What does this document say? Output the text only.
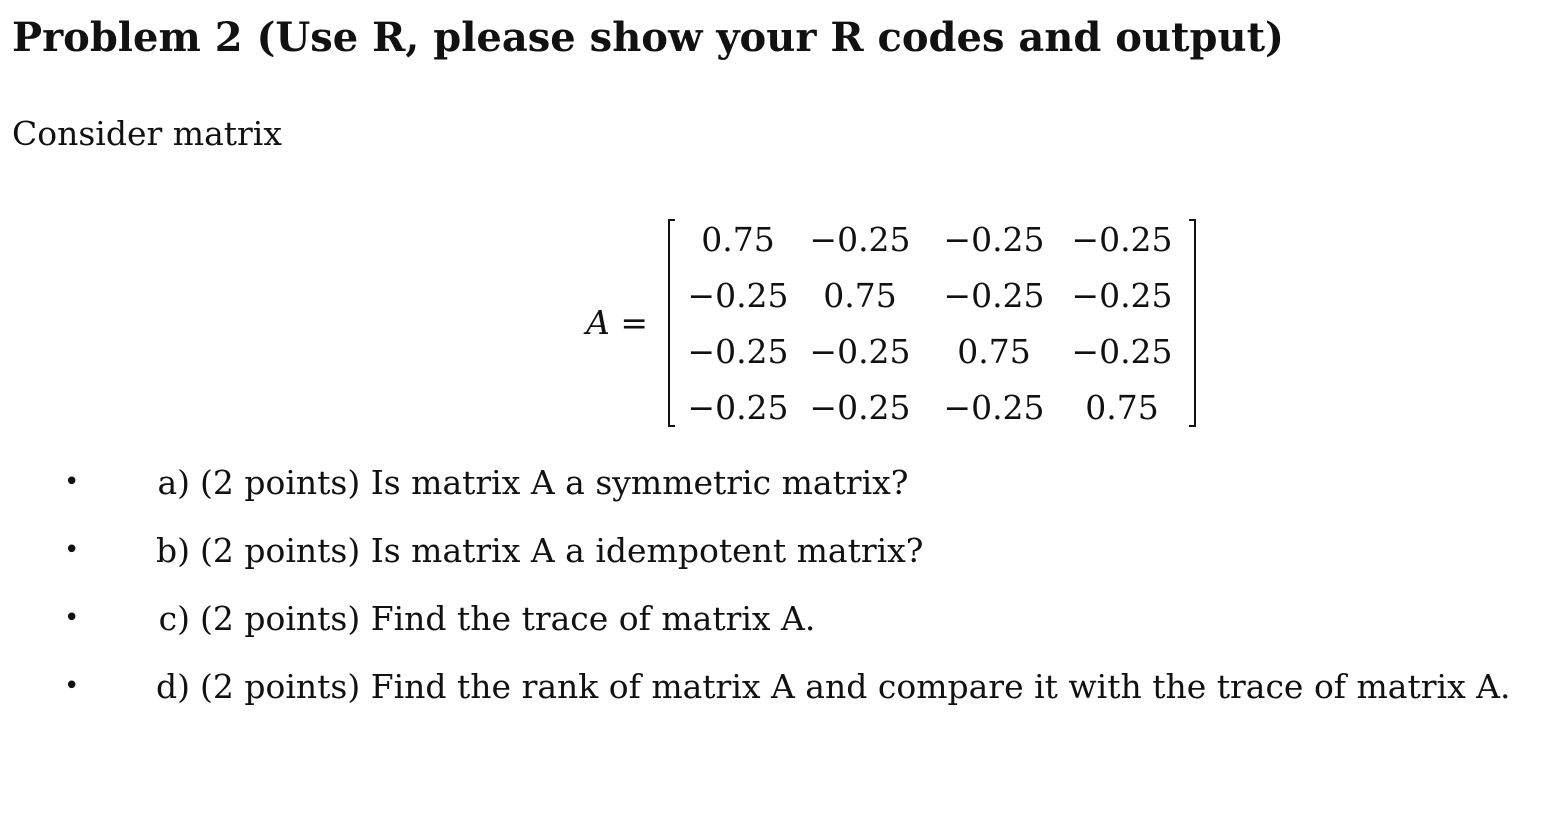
Problem 2 (Use R, please show your R codes and output)
Consider matrix
A =
0.75	−0.25 −0.25 −0.25
−0.25	0.75	−0.25 −0.25
−0.25 −0.25	0.75	−0.25
−0.25 −0.25 −0.25	0.75
•	a) (2 points) Is matrix A a symmetric matrix?
•	b) (2 points) Is matrix A a idempotent matrix?
•	c) (2 points) Find the trace of matrix A.
•	d) (2 points) Find the rank of matrix A and compare it with the trace of matrix A.
